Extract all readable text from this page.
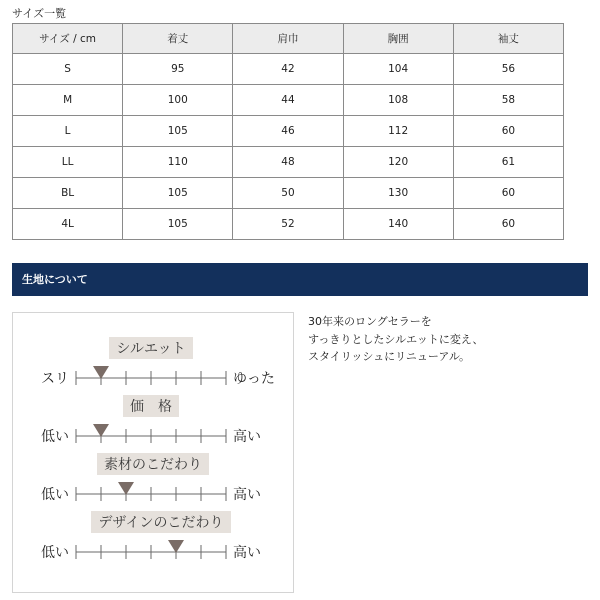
サイズ一覧
サイズ / cm	着丈	肩巾	胸囲	袖丈
S	95	42	104	56
M	100	44	108	58
L	105	46	112	60
LL	110	48	120	61
BL	105	50	130	60
4L	105	52	140	60
生地について
シルエット
スリ	ゆった
価　格
低い	高い
素材のこだわり
低い	高い
デザインのこだわり
低い	高い
30年来のロングセラーを
すっきりとしたシルエットに変え、
スタイリッシュにリニューアル。
